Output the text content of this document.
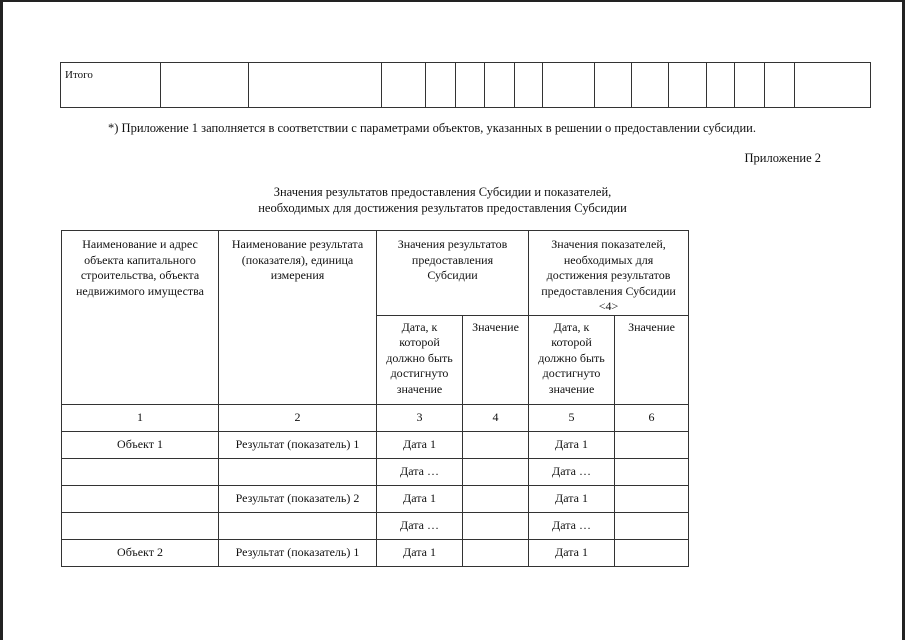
Итого															
*) Приложение 1 заполняется в соответствии с параметрами объектов, указанных в решении о предоставлении субсидии.
Приложение 2
Значения результатов предоставления Субсидии и показателей,
необходимых для достижения результатов предоставления Субсидии
Наименование и адрес
объекта капитального
строительства, объекта
недвижимого имущества	Наименование результата
(показателя), единица
измерения	Значения результатов
предоставления
Субсидии		Значения показателей,
необходимых для
достижения результатов
предоставления Субсидии
<4>	
		Дата, к
которой
должно быть
достигнуто
значение	Значение	Дата, к
которой
должно быть
достигнуто
значение	Значение
1	2	3	4	5	6
Объект 1	Результат (показатель) 1	Дата 1		Дата 1	
		Дата …		Дата …	
	Результат (показатель) 2	Дата 1		Дата 1	
		Дата …		Дата …	
Объект 2	Результат (показатель) 1	Дата 1		Дата 1	
